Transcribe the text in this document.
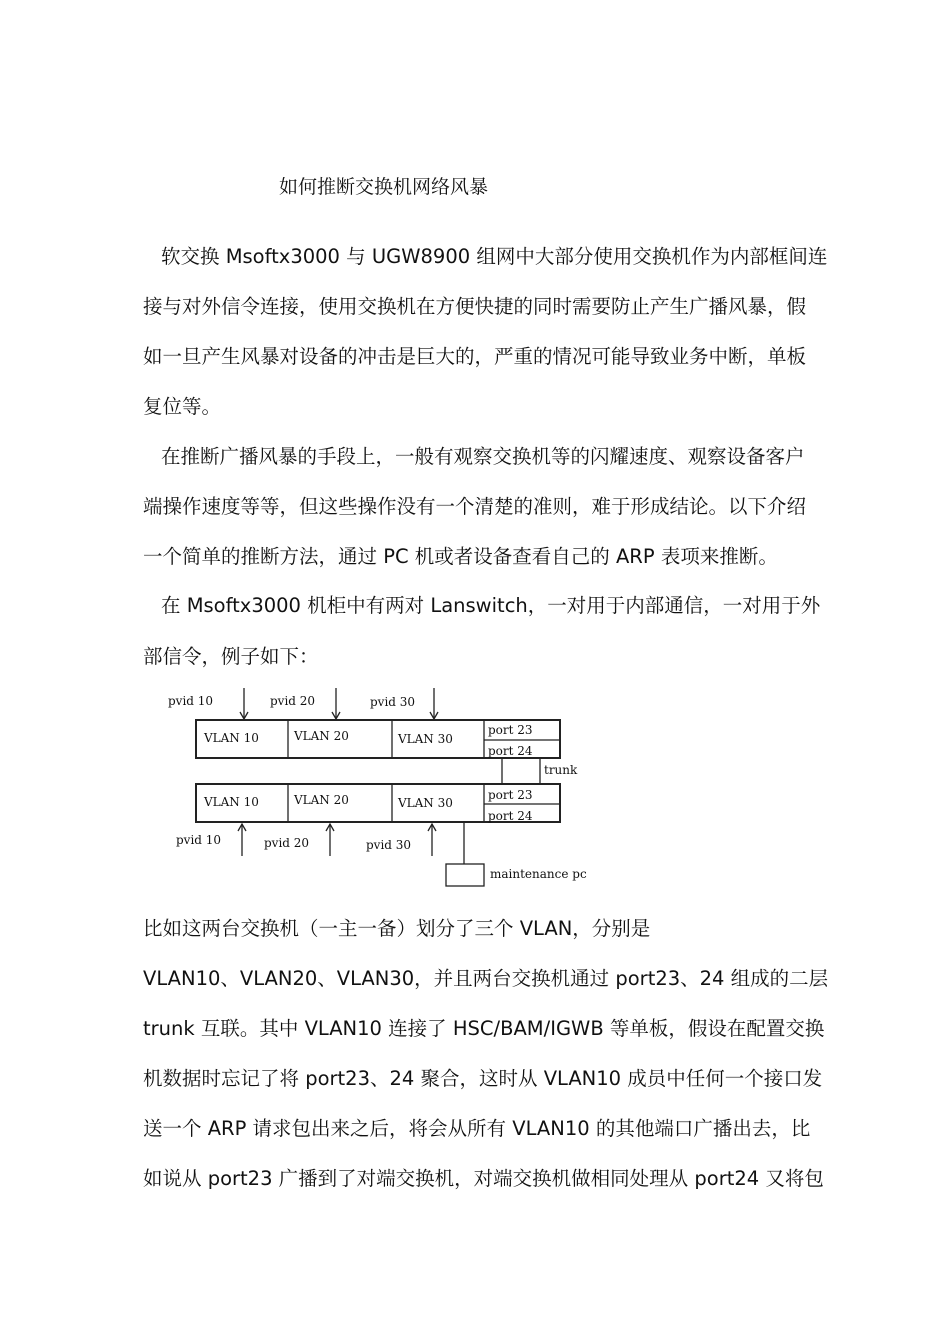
如何推断交换机网络风暴
软交换 Msoftx3000 与 UGW8900 组网中大部分使用交换机作为内部框间连
接与对外信令连接，使用交换机在方便快捷的同时需要防止产生广播风暴，假
如一旦产生风暴对设备的冲击是巨大的，严重的情况可能导致业务中断，单板
复位等。
在推断广播风暴的手段上，一般有观察交换机等的闪耀速度、观察设备客户
端操作速度等等，但这些操作没有一个清楚的准则，难于形成结论。以下介绍
一个简单的推断方法，通过 PC 机或者设备查看自己的 ARP 表项来推断。
在 Msoftx3000 机柜中有两对 Lanswitch，一对用于内部通信，一对用于外
部信令，例子如下：
pvid 10	pvid 20	pvid 30
VLAN 10	VLAN 20	VLAN 30
port 23
port 24
trunk
VLAN 10	VLAN 20	VLAN 30
port 23
port 24
pvid 10	pvid 20	pvid 30
maintenance pc
比如这两台交换机（一主一备）划分了三个 VLAN，分别是
VLAN10、VLAN20、VLAN30，并且两台交换机通过 port23、24 组成的二层
trunk 互联。其中 VLAN10 连接了 HSC/BAM/IGWB 等单板，假设在配置交换
机数据时忘记了将 port23、24 聚合，这时从 VLAN10 成员中任何一个接口发
送一个 ARP 请求包出来之后，将会从所有 VLAN10 的其他端口广播出去，比
如说从 port23 广播到了对端交换机，对端交换机做相同处理从 port24 又将包
